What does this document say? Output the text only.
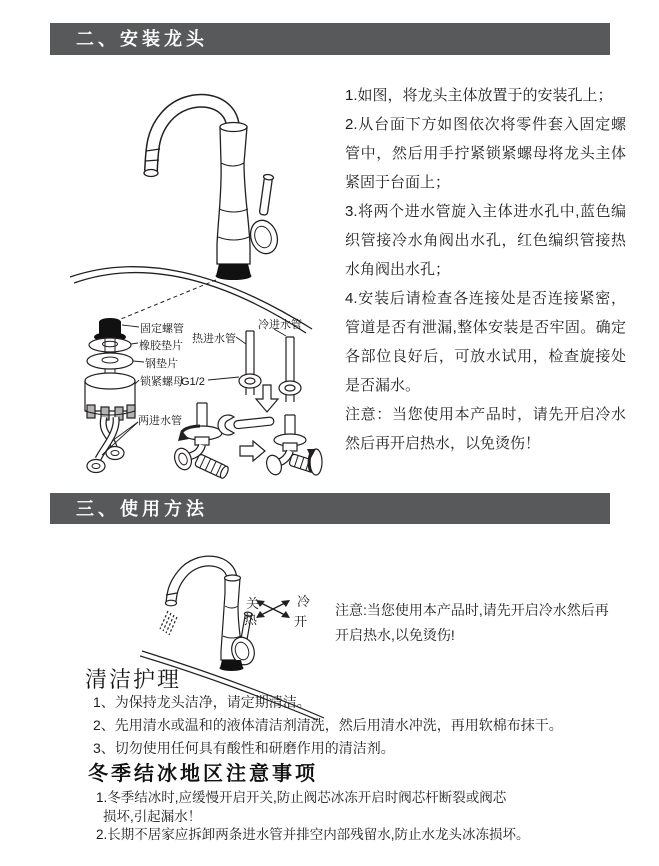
二、安装龙头

1.如图，将龙头主体放置于的安装孔上；

2.从台面下方如图依次将零件套入固定螺管中，然后用手拧紧锁紧螺母将龙头主体紧固于台面上；

3.将两个进水管旋入主体进水孔中,蓝色编织管接冷水角阀出水孔，红色编织管接热水角阀出水孔；

4.安装后请检查各连接处是否连接紧密，管道是否有泄漏,整体安装是否牢固。确定各部位良好后，可放水试用，检查旋接处是否漏水。

注意：当您使用本产品时，请先开启冷水然后再开启热水，以免烫伤！

固定螺管
橡胶垫片
钢垫片
锁紧螺母
两进水管
热进水管
冷进水管
G1/2
三、使用方法
关	冷
热	开
注意:当您使用本产品时,请先开启冷水然后再
开启热水,以免烫伤!
清洁护理
1、为保持龙头洁净，请定期清洁。
2、先用清水或温和的液体清洁剂清洗，然后用清水冲洗，再用软棉布抹干。
3、切勿使用任何具有酸性和研磨作用的清洁剂。
冬季结冰地区注意事项
1.冬季结冰时,应缓慢开启开关,防止阀芯冰冻开启时阀芯杆断裂或阀芯
损坏,引起漏水！
2.长期不居家应拆卸两条进水管并排空内部残留水,防止水龙头冰冻损坏。
